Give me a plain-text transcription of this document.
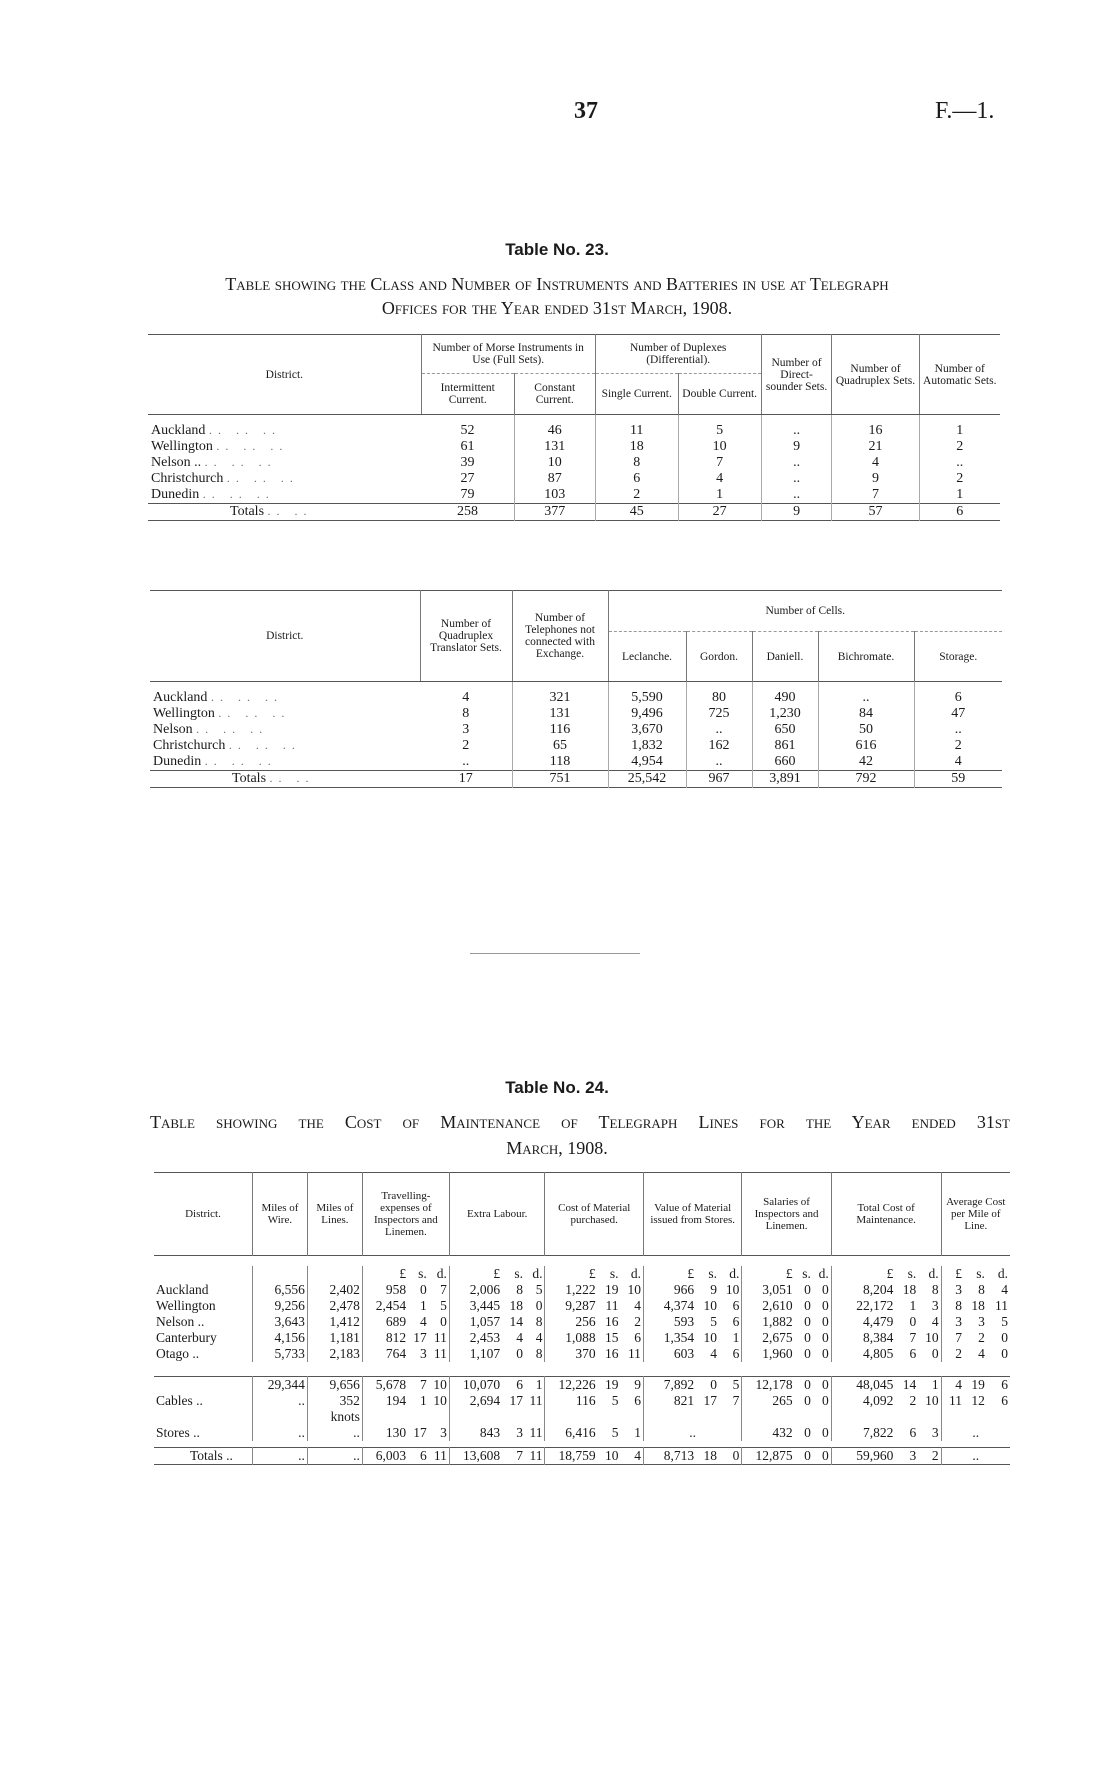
37	F.—1.
Table No. 23.
Table showing the Class and Number of Instruments and Batteries in use at Telegraph
Offices for the Year ended 31st March, 1908.
District.	Number of Morse Instruments in Use (Full Sets).		Number of Duplexes (Differential).		Number of Direct-sounder Sets.	Number of Quadruplex Sets.	Number of Automatic Sets.
	Intermittent Current.	Constant Current.	Single Current.	Double Current.			

Auckland .. .. ..	52	46	11	5	..	16	1
Wellington .. .. ..	61	131	18	10	9	21	2
Nelson .. .. .. ..	39	10	8	7	..	4	..
Christchurch .. .. ..	27	87	6	4	..	9	2
Dunedin .. .. ..	79	103	2	1	..	7	1
Totals .. ..	258	377	45	27	9	57	6
District.	Number of Quadruplex Translator Sets.	Number of Telephones not connected with Exchange.	Number of Cells.				
			Leclanche.	Gordon.	Daniell.	Bichromate.	Storage.

Auckland .. .. ..	4	321	5,590	80	490	..	6
Wellington .. .. ..	8	131	9,496	725	1,230	84	47
Nelson .. .. ..	3	116	3,670	..	650	50	..
Christchurch .. .. ..	2	65	1,832	162	861	616	2
Dunedin .. .. ..	..	118	4,954	..	660	42	4
Totals .. ..	17	751	25,542	967	3,891	792	59
Table No. 24.
Table showing the Cost of Maintenance of Telegraph Lines for the Year ended 31st
March, 1908.
District.	Miles of Wire.	Miles of Lines.	Travelling-expenses of Inspectors and Linemen.			Extra Labour.			Cost of Material purchased.			Value of Material issued from Stores.			Salaries of Inspectors and Linemen.			Total Cost of Maintenance.			Average Cost per Mile of Line.		

			£	s.	d.	£	s.	d.	£	s.	d.	£	s.	d.	£	s.	d.	£	s.	d.	£	s.	d.
Auckland	6,556	2,402	958	0	7	2,006	8	5	1,222	19	10	966	9	10	3,051	0	0	8,204	18	8	3	8	4
Wellington	9,256	2,478	2,454	1	5	3,445	18	0	9,287	11	4	4,374	10	6	2,610	0	0	22,172	1	3	8	18	11
Nelson ..	3,643	1,412	689	4	0	1,057	14	8	256	16	2	593	5	6	1,882	0	0	4,479	0	4	3	3	5
Canterbury	4,156	1,181	812	17	11	2,453	4	4	1,088	15	6	1,354	10	1	2,675	0	0	8,384	7	10	7	2	0
Otago ..	5,733	2,183	764	3	11	1,107	0	8	370	16	11	603	4	6	1,960	0	0	4,805	6	0	2	4	0

	29,344	9,656	5,678	7	10	10,070	6	1	12,226	19	9	7,892	0	5	12,178	0	0	48,045	14	1	4	19	6
Cables ..	..	352	194	1	10	2,694	17	11	116	5	6	821	17	7	265	0	0	4,092	2	10	11	12	6
		knots																					
Stores ..	..	..	130	17	3	843	3	11	6,416	5	1	..			432	0	0	7,822	6	3	..		

Totals ..	..	..	6,003	6	11	13,608	7	11	18,759	10	4	8,713	18	0	12,875	0	0	59,960	3	2	..		
